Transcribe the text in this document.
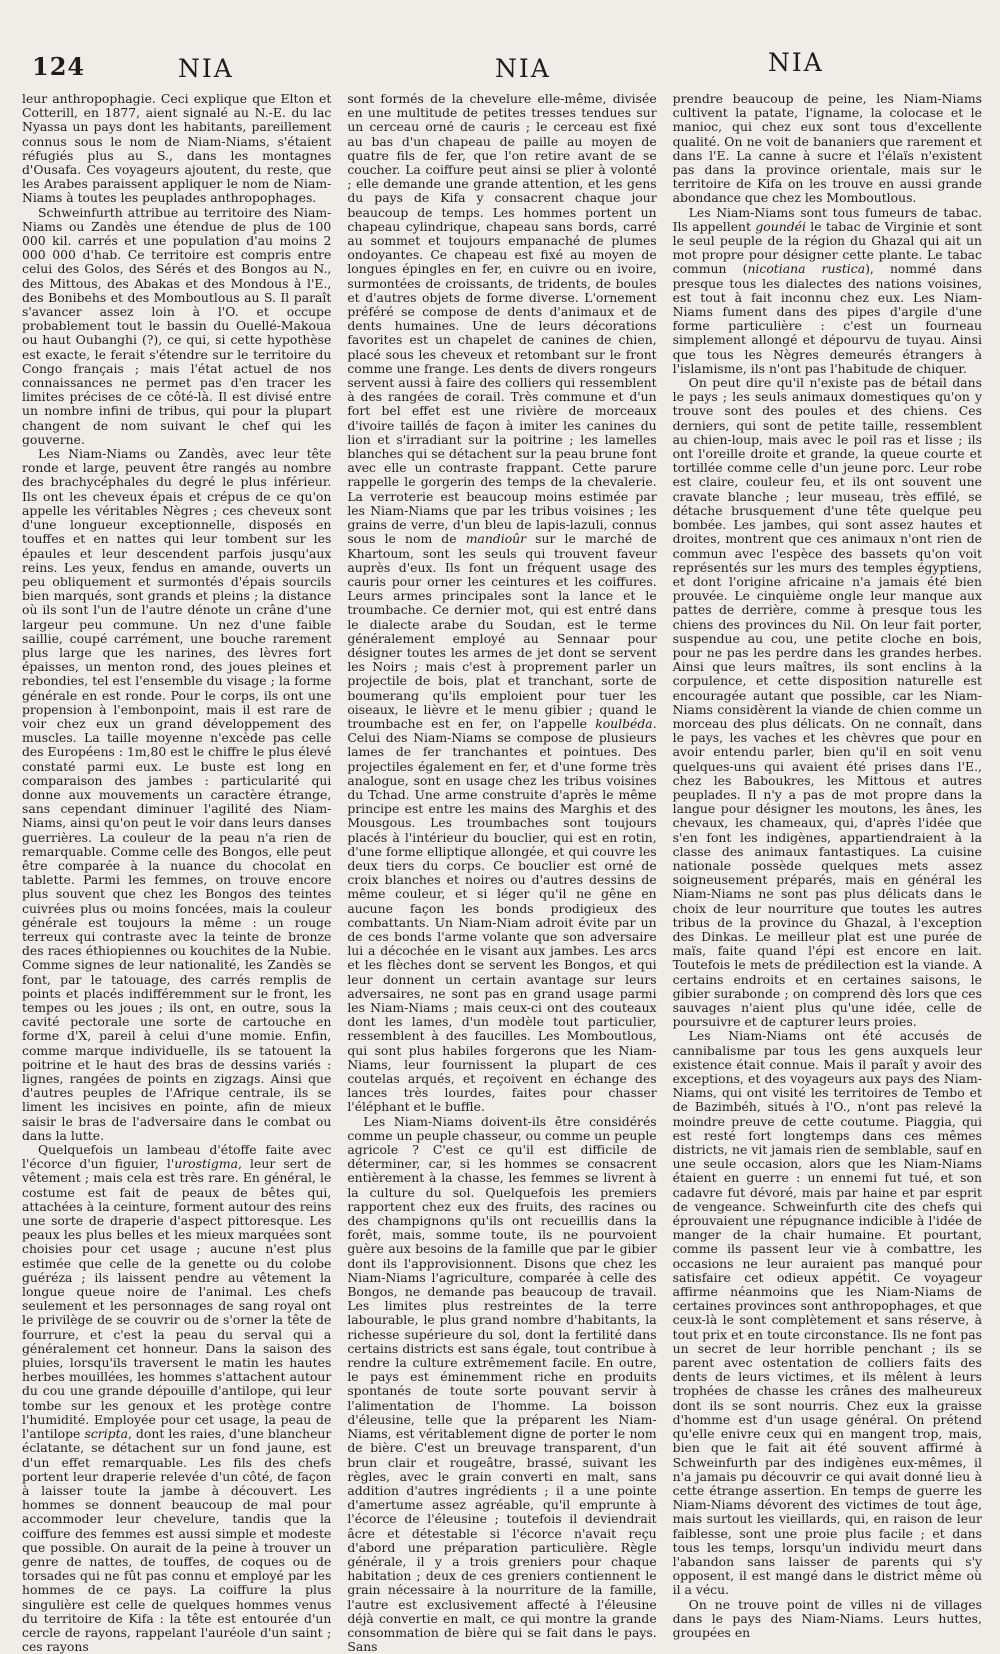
124	NIA	NIA	NIA

leur anthropophagie. Ceci explique que Elton et Cotterill, en 1877, aient signalé au N.-E. du lac Nyassa un pays dont les habitants, pareillement connus sous le nom de Niam-Niams, s'étaient réfugiés plus au S., dans les montagnes d'Ousafa. Ces voyageurs ajoutent, du reste, que les Arabes paraissent appliquer le nom de Niam-Niams à toutes les peuplades anthropophages.

Schweinfurth attribue au territoire des Niam-Niams ou Zandès une étendue de plus de 100 000 kil. carrés et une population d'au moins 2 000 000 d'hab. Ce territoire est compris entre celui des Golos, des Sérés et des Bongos au N., des Mittous, des Abakas et des Mondous à l'E., des Bonibehs et des Momboutlous au S. Il paraît s'avancer assez loin à l'O. et occupe probablement tout le bassin du Ouellé-Makoua ou haut Oubanghi (?), ce qui, si cette hypothèse est exacte, le ferait s'étendre sur le territoire du Congo français ; mais l'état actuel de nos connaissances ne permet pas d'en tracer les limites précises de ce côté-là. Il est divisé entre un nombre infini de tribus, qui pour la plupart changent de nom suivant le chef qui les gouverne.

Les Niam-Niams ou Zandès, avec leur tête ronde et large, peuvent être rangés au nombre des brachycéphales du degré le plus inférieur. Ils ont les cheveux épais et crépus de ce qu'on appelle les véritables Nègres ; ces cheveux sont d'une longueur exceptionnelle, disposés en touffes et en nattes qui leur tombent sur les épaules et leur descendent parfois jusqu'aux reins. Les yeux, fendus en amande, ouverts un peu obliquement et surmontés d'épais sourcils bien marqués, sont grands et pleins ; la distance où ils sont l'un de l'autre dénote un crâne d'une largeur peu commune. Un nez d'une faible saillie, coupé carrément, une bouche rarement plus large que les narines, des lèvres fort épaisses, un menton rond, des joues pleines et rebondies, tel est l'ensemble du visage ; la forme générale en est ronde. Pour le corps, ils ont une propension à l'embonpoint, mais il est rare de voir chez eux un grand développement des muscles. La taille moyenne n'excède pas celle des Européens : 1m,80 est le chiffre le plus élevé constaté parmi eux. Le buste est long en comparaison des jambes : particularité qui donne aux mouvements un caractère étrange, sans cependant diminuer l'agilité des Niam-Niams, ainsi qu'on peut le voir dans leurs danses guerrières. La couleur de la peau n'a rien de remarquable. Comme celle des Bongos, elle peut être comparée à la nuance du chocolat en tablette. Parmi les femmes, on trouve encore plus souvent que chez les Bongos des teintes cuivrées plus ou moins foncées, mais la couleur générale est toujours la même : un rouge terreux qui contraste avec la teinte de bronze des races éthiopiennes ou kouchites de la Nubie. Comme signes de leur nationalité, les Zandès se font, par le tatouage, des carrés remplis de points et placés indifféremment sur le front, les tempes ou les joues ; ils ont, en outre, sous la cavité pectorale une sorte de cartouche en forme d'X, pareil à celui d'une momie. Enfin, comme marque individuelle, ils se tatouent la poitrine et le haut des bras de dessins variés : lignes, rangées de points en zigzags. Ainsi que d'autres peuples de l'Afrique centrale, ils se liment les incisives en pointe, afin de mieux saisir le bras de l'adversaire dans le combat ou dans la lutte.

Quelquefois un lambeau d'étoffe faite avec l'écorce d'un figuier, l'urostigma, leur sert de vêtement ; mais cela est très rare. En général, le costume est fait de peaux de bêtes qui, attachées à la ceinture, forment autour des reins une sorte de draperie d'aspect pittoresque. Les peaux les plus belles et les mieux marquées sont choisies pour cet usage ; aucune n'est plus estimée que celle de la genette ou du colobe guéréza ; ils laissent pendre au vêtement la longue queue noire de l'animal. Les chefs seulement et les personnages de sang royal ont le privilège de se couvrir ou de s'orner la tête de fourrure, et c'est la peau du serval qui a généralement cet honneur. Dans la saison des pluies, lorsqu'ils traversent le matin les hautes herbes mouillées, les hommes s'attachent autour du cou une grande dépouille d'antilope, qui leur tombe sur les genoux et les protège contre l'humidité. Employée pour cet usage, la peau de l'antilope scripta, dont les raies, d'une blancheur éclatante, se détachent sur un fond jaune, est d'un effet remarquable. Les fils des chefs portent leur draperie relevée d'un côté, de façon à laisser toute la jambe à découvert. Les hommes se donnent beaucoup de mal pour accommoder leur chevelure, tandis que la coiffure des femmes est aussi simple et modeste que possible. On aurait de la peine à trouver un genre de nattes, de touffes, de coques ou de torsades qui ne fût pas connu et employé par les hommes de ce pays. La coiffure la plus singulière est celle de quelques hommes venus du territoire de Kifa : la tête est entourée d'un cercle de rayons, rappelant l'auréole d'un saint ; ces rayons

sont formés de la chevelure elle-même, divisée en une multitude de petites tresses tendues sur un cerceau orné de cauris ; le cerceau est fixé au bas d'un chapeau de paille au moyen de quatre fils de fer, que l'on retire avant de se coucher. La coiffure peut ainsi se plier à volonté ; elle demande une grande attention, et les gens du pays de Kifa y consacrent chaque jour beaucoup de temps. Les hommes portent un chapeau cylindrique, chapeau sans bords, carré au sommet et toujours empanaché de plumes ondoyantes. Ce chapeau est fixé au moyen de longues épingles en fer, en cuivre ou en ivoire, surmontées de croissants, de tridents, de boules et d'autres objets de forme diverse. L'ornement préféré se compose de dents d'animaux et de dents humaines. Une de leurs décorations favorites est un chapelet de canines de chien, placé sous les cheveux et retombant sur le front comme une frange. Les dents de divers rongeurs servent aussi à faire des colliers qui ressemblent à des rangées de corail. Très commune et d'un fort bel effet est une rivière de morceaux d'ivoire taillés de façon à imiter les canines du lion et s'irradiant sur la poitrine ; les lamelles blanches qui se détachent sur la peau brune font avec elle un contraste frappant. Cette parure rappelle le gorgerin des temps de la chevalerie. La verroterie est beaucoup moins estimée par les Niam-Niams que par les tribus voisines ; les grains de verre, d'un bleu de lapis-lazuli, connus sous le nom de mandioûr sur le marché de Khartoum, sont les seuls qui trouvent faveur auprès d'eux. Ils font un fréquent usage des cauris pour orner les ceintures et les coiffures. Leurs armes principales sont la lance et le troumbache. Ce dernier mot, qui est entré dans le dialecte arabe du Soudan, est le terme généralement employé au Sennaar pour désigner toutes les armes de jet dont se servent les Noirs ; mais c'est à proprement parler un projectile de bois, plat et tranchant, sorte de boumerang qu'ils emploient pour tuer les oiseaux, le lièvre et le menu gibier ; quand le troumbache est en fer, on l'appelle koulbéda. Celui des Niam-Niams se compose de plusieurs lames de fer tranchantes et pointues. Des projectiles également en fer, et d'une forme très analogue, sont en usage chez les tribus voisines du Tchad. Une arme construite d'après le même principe est entre les mains des Marghis et des Mousgous. Les troumbaches sont toujours placés à l'intérieur du bouclier, qui est en rotin, d'une forme elliptique allongée, et qui couvre les deux tiers du corps. Ce bouclier est orné de croix blanches et noires ou d'autres dessins de même couleur, et si léger qu'il ne gêne en aucune façon les bonds prodigieux des combattants. Un Niam-Niam adroit évite par un de ces bonds l'arme volante que son adversaire lui a décochée en le visant aux jambes. Les arcs et les flèches dont se servent les Bongos, et qui leur donnent un certain avantage sur leurs adversaires, ne sont pas en grand usage parmi les Niam-Niams ; mais ceux-ci ont des couteaux dont les lames, d'un modèle tout particulier, ressemblent à des faucilles. Les Momboutlous, qui sont plus habiles forgerons que les Niam-Niams, leur fournissent la plupart de ces coutelas arqués, et reçoivent en échange des lances très lourdes, faites pour chasser l'éléphant et le buffle.

Les Niam-Niams doivent-ils être considérés comme un peuple chasseur, ou comme un peuple agricole ? C'est ce qu'il est difficile de déterminer, car, si les hommes se consacrent entièrement à la chasse, les femmes se livrent à la culture du sol. Quelquefois les premiers rapportent chez eux des fruits, des racines ou des champignons qu'ils ont recueillis dans la forêt, mais, somme toute, ils ne pourvoient guère aux besoins de la famille que par le gibier dont ils l'approvisionnent. Disons que chez les Niam-Niams l'agriculture, comparée à celle des Bongos, ne demande pas beaucoup de travail. Les limites plus restreintes de la terre labourable, le plus grand nombre d'habitants, la richesse supérieure du sol, dont la fertilité dans certains districts est sans égale, tout contribue à rendre la culture extrêmement facile. En outre, le pays est éminemment riche en produits spontanés de toute sorte pouvant servir à l'alimentation de l'homme. La boisson d'éleusine, telle que la préparent les Niam-Niams, est véritablement digne de porter le nom de bière. C'est un breuvage transparent, d'un brun clair et rougeâtre, brassé, suivant les règles, avec le grain converti en malt, sans addition d'autres ingrédients ; il a une pointe d'amertume assez agréable, qu'il emprunte à l'écorce de l'éleusine ; toutefois il deviendrait âcre et détestable si l'écorce n'avait reçu d'abord une préparation particulière. Règle générale, il y a trois greniers pour chaque habitation ; deux de ces greniers contiennent le grain nécessaire à la nourriture de la famille, l'autre est exclusivement affecté à l'éleusine déjà convertie en malt, ce qui montre la grande consommation de bière qui se fait dans le pays. Sans

prendre beaucoup de peine, les Niam-Niams cultivent la patate, l'igname, la colocase et le manioc, qui chez eux sont tous d'excellente qualité. On ne voit de bananiers que rarement et dans l'E. La canne à sucre et l'élaïs n'existent pas dans la province orientale, mais sur le territoire de Kifa on les trouve en aussi grande abondance que chez les Momboutlous.

Les Niam-Niams sont tous fumeurs de tabac. Ils appellent goundéi le tabac de Virginie et sont le seul peuple de la région du Ghazal qui ait un mot propre pour désigner cette plante. Le tabac commun (nicotiana rustica), nommé dans presque tous les dialectes des nations voisines, est tout à fait inconnu chez eux. Les Niam-Niams fument dans des pipes d'argile d'une forme particulière : c'est un fourneau simplement allongé et dépourvu de tuyau. Ainsi que tous les Nègres demeurés étrangers à l'islamisme, ils n'ont pas l'habitude de chiquer.

On peut dire qu'il n'existe pas de bétail dans le pays ; les seuls animaux domestiques qu'on y trouve sont des poules et des chiens. Ces derniers, qui sont de petite taille, ressemblent au chien-loup, mais avec le poil ras et lisse ; ils ont l'oreille droite et grande, la queue courte et tortillée comme celle d'un jeune porc. Leur robe est claire, couleur feu, et ils ont souvent une cravate blanche ; leur museau, très effilé, se détache brusquement d'une tête quelque peu bombée. Les jambes, qui sont assez hautes et droites, montrent que ces animaux n'ont rien de commun avec l'espèce des bassets qu'on voit représentés sur les murs des temples égyptiens, et dont l'origine africaine n'a jamais été bien prouvée. Le cinquième ongle leur manque aux pattes de derrière, comme à presque tous les chiens des provinces du Nil. On leur fait porter, suspendue au cou, une petite cloche en bois, pour ne pas les perdre dans les grandes herbes. Ainsi que leurs maîtres, ils sont enclins à la corpulence, et cette disposition naturelle est encouragée autant que possible, car les Niam-Niams considèrent la viande de chien comme un morceau des plus délicats. On ne connaît, dans le pays, les vaches et les chèvres que pour en avoir entendu parler, bien qu'il en soit venu quelques-uns qui avaient été prises dans l'E., chez les Baboukres, les Mittous et autres peuplades. Il n'y a pas de mot propre dans la langue pour désigner les moutons, les ânes, les chevaux, les chameaux, qui, d'après l'idée que s'en font les indigènes, appartiendraient à la classe des animaux fantastiques. La cuisine nationale possède quelques mets assez soigneusement préparés, mais en général les Niam-Niams ne sont pas plus délicats dans le choix de leur nourriture que toutes les autres tribus de la province du Ghazal, à l'exception des Dinkas. Le meilleur plat est une purée de maïs, faite quand l'épi est encore en lait. Toutefois le mets de prédilection est la viande. A certains endroits et en certaines saisons, le gibier surabonde ; on comprend dès lors que ces sauvages n'aient plus qu'une idée, celle de poursuivre et de capturer leurs proies.

Les Niam-Niams ont été accusés de cannibalisme par tous les gens auxquels leur existence était connue. Mais il paraît y avoir des exceptions, et des voyageurs aux pays des Niam-Niams, qui ont visité les territoires de Tembo et de Bazimbéh, situés à l'O., n'ont pas relevé la moindre preuve de cette coutume. Piaggia, qui est resté fort longtemps dans ces mêmes districts, ne vit jamais rien de semblable, sauf en une seule occasion, alors que les Niam-Niams étaient en guerre : un ennemi fut tué, et son cadavre fut dévoré, mais par haine et par esprit de vengeance. Schweinfurth cite des chefs qui éprouvaient une répugnance indicible à l'idée de manger de la chair humaine. Et pourtant, comme ils passent leur vie à combattre, les occasions ne leur auraient pas manqué pour satisfaire cet odieux appétit. Ce voyageur affirme néanmoins que les Niam-Niams de certaines provinces sont anthropophages, et que ceux-là le sont complètement et sans réserve, à tout prix et en toute circonstance. Ils ne font pas un secret de leur horrible penchant ; ils se parent avec ostentation de colliers faits des dents de leurs victimes, et ils mêlent à leurs trophées de chasse les crânes des malheureux dont ils se sont nourris. Chez eux la graisse d'homme est d'un usage général. On prétend qu'elle enivre ceux qui en mangent trop, mais, bien que le fait ait été souvent affirmé à Schweinfurth par des indigènes eux-mêmes, il n'a jamais pu découvrir ce qui avait donné lieu à cette étrange assertion. En temps de guerre les Niam-Niams dévorent des victimes de tout âge, mais surtout les vieillards, qui, en raison de leur faiblesse, sont une proie plus facile ; et dans tous les temps, lorsqu'un individu meurt dans l'abandon sans laisser de parents qui s'y opposent, il est mangé dans le district même où il a vécu.

On ne trouve point de villes ni de villages dans le pays des Niam-Niams. Leurs huttes, groupées en
